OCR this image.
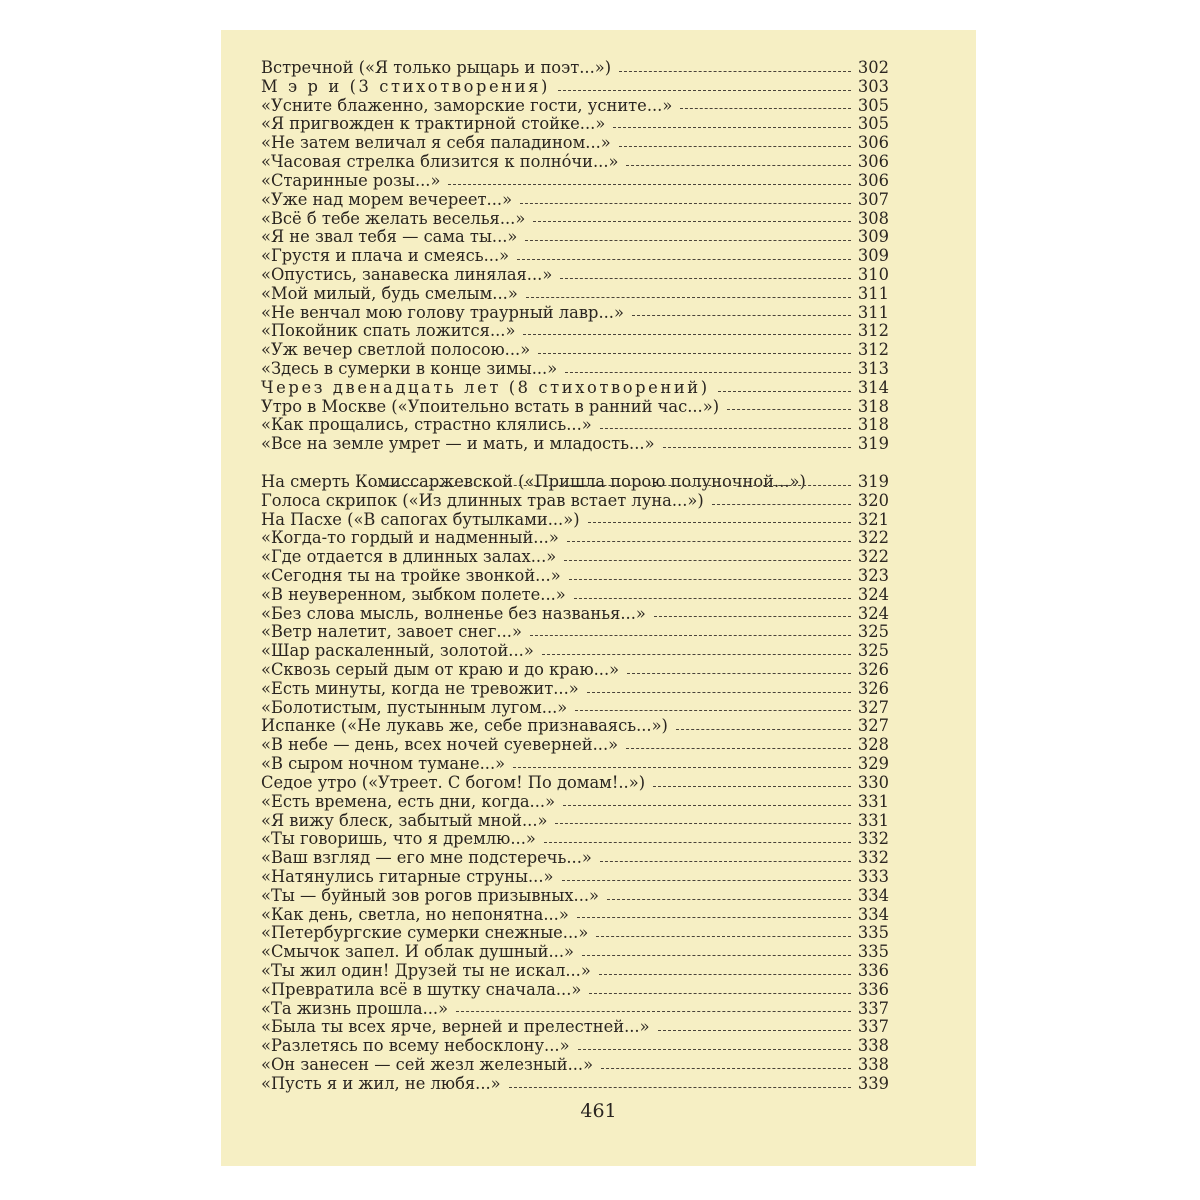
Встречной («Я только рыцарь и поэт...»)	302
М э р и (3 стихотворения)	303
«Усните блаженно, заморские гости, усните...»	305
«Я пригвожден к трактирной стойке...»	305
«Не затем величал я себя паладином...»	306
«Часовая стрелка близится к полно́чи...»	306
«Старинные розы...»	306
«Уже над морем вечереет...»	307
«Всё б тебе желать веселья...»	308
«Я не звал тебя — сама ты...»	309
«Грустя и плача и смеясь...»	309
«Опустись, занавеска линялая...»	310
«Мой милый, будь смелым...»	311
«Не венчал мою голову траурный лавр...»	311
«Покойник спать ложится...»	312
«Уж вечер светлой полосою...»	312
«Здесь в сумерки в конце зимы...»	313
Через двенадцать лет (8 стихотворений)	314
Утро в Москве («Упоительно встать в ранний час...»)	318
«Как прощались, страстно клялись...»	318
«Все на земле умрет — и мать, и младость...»	319
На смерть Комиссаржевской («Пришла порою полуночной...»)	319
Голоса скрипок («Из длинных трав встает луна...»)	320
На Пасхе («В сапогах бутылками...»)	321
«Когда-то гордый и надменный...»	322
«Где отдается в длинных залах...»	322
«Сегодня ты на тройке звонкой...»	323
«В неуверенном, зыбком полете...»	324
«Без слова мысль, волненье без названья...»	324
«Ветр налетит, завоет снег...»	325
«Шар раскаленный, золотой...»	325
«Сквозь серый дым от краю и до краю...»	326
«Есть минуты, когда не тревожит...»	326
«Болотистым, пустынным лугом...»	327
Испанке («Не лукавь же, себе признаваясь...»)	327
«В небе — день, всех ночей суеверней...»	328
«В сыром ночном тумане...»	329
Седое утро («Утреет. С богом! По домам!..»)	330
«Есть времена, есть дни, когда...»	331
«Я вижу блеск, забытый мной...»	331
«Ты говоришь, что я дремлю...»	332
«Ваш взгляд — его мне подстеречь...»	332
«Натянулись гитарные струны...»	333
«Ты — буйный зов рогов призывных...»	334
«Как день, светла, но непонятна...»	334
«Петербургские сумерки снежные...»	335
«Смычок запел. И облак душный...»	335
«Ты жил один! Друзей ты не искал...»	336
«Превратила всё в шутку сначала...»	336
«Та жизнь прошла...»	337
«Была ты всех ярче, верней и прелестней...»	337
«Разлетясь по всему небосклону...»	338
«Он занесен — сей жезл железный...»	338
«Пусть я и жил, не любя...»	339
461
